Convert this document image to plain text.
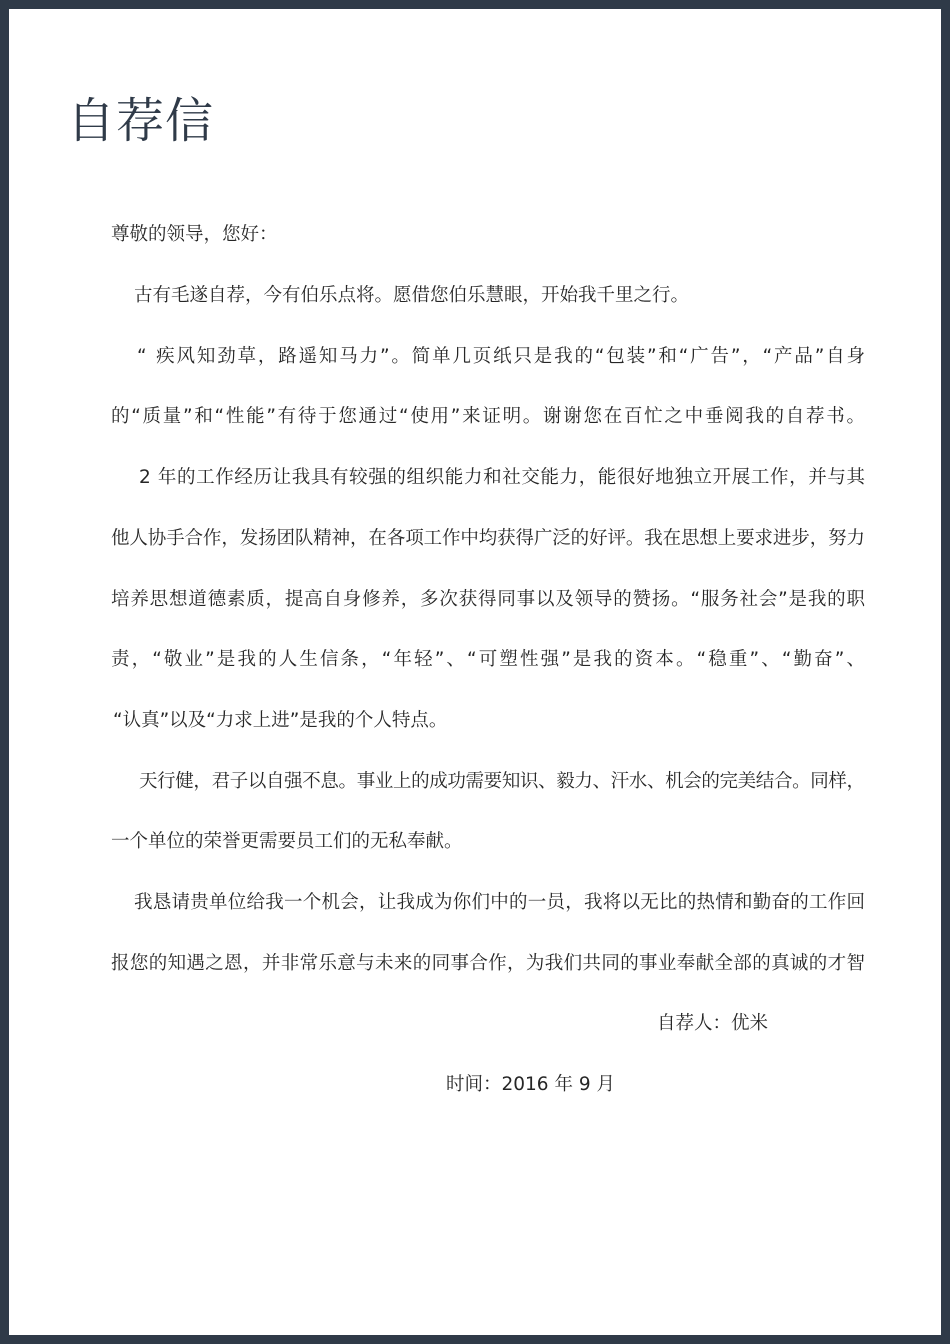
自荐信
尊敬的领导，您好：
古有毛遂自荐，今有伯乐点将。愿借您伯乐慧眼，开始我千里之行。
“ 疾风知劲草，路遥知马力”。简单几页纸只是我的“包装”和“广告”，“产品”自身
的“质量”和“性能”有待于您通过“使用”来证明。谢谢您在百忙之中垂阅我的自荐书。
2 年的工作经历让我具有较强的组织能力和社交能力，能很好地独立开展工作，并与其
他人协手合作，发扬团队精神，在各项工作中均获得广泛的好评。我在思想上要求进步，努力
培养思想道德素质，提高自身修养，多次获得同事以及领导的赞扬。“服务社会”是我的职
责，“敬业”是我的人生信条，“年轻”、“可塑性强”是我的资本。“稳重”、“勤奋”、
“认真”以及“力求上进”是我的个人特点。
天行健，君子以自强不息。事业上的成功需要知识、毅力、汗水、机会的完美结合。同样，
一个单位的荣誉更需要员工们的无私奉献。
我恳请贵单位给我一个机会，让我成为你们中的一员，我将以无比的热情和勤奋的工作回
报您的知遇之恩，并非常乐意与未来的同事合作，为我们共同的事业奉献全部的真诚的才智
自荐人：优米
时间：2016 年 9 月
